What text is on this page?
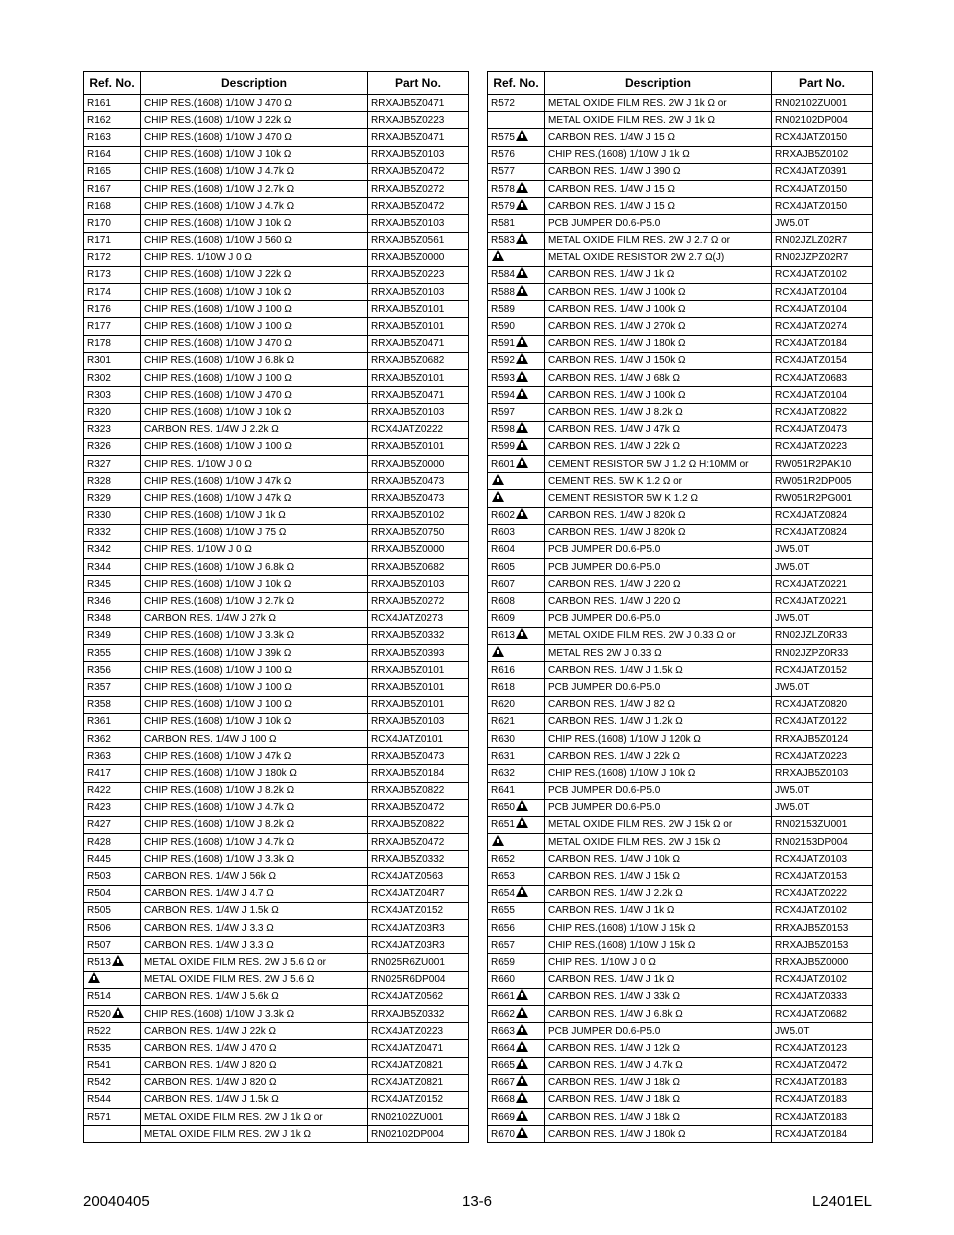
Ref. No.	Description	Part No.
R161	CHIP RES.(1608) 1/10W J 470 Ω	RRXAJB5Z0471
R162	CHIP RES.(1608) 1/10W J 22k Ω	RRXAJB5Z0223
R163	CHIP RES.(1608) 1/10W J 470 Ω	RRXAJB5Z0471
R164	CHIP RES.(1608) 1/10W J 10k Ω	RRXAJB5Z0103
R165	CHIP RES.(1608) 1/10W J 4.7k Ω	RRXAJB5Z0472
R167	CHIP RES.(1608) 1/10W J 2.7k Ω	RRXAJB5Z0272
R168	CHIP RES.(1608) 1/10W J 4.7k Ω	RRXAJB5Z0472
R170	CHIP RES.(1608) 1/10W J 10k Ω	RRXAJB5Z0103
R171	CHIP RES.(1608) 1/10W J 560 Ω	RRXAJB5Z0561
R172	CHIP RES. 1/10W J 0 Ω	RRXAJB5Z0000
R173	CHIP RES.(1608) 1/10W J 22k Ω	RRXAJB5Z0223
R174	CHIP RES.(1608) 1/10W J 10k Ω	RRXAJB5Z0103
R176	CHIP RES.(1608) 1/10W J 100 Ω	RRXAJB5Z0101
R177	CHIP RES.(1608) 1/10W J 100 Ω	RRXAJB5Z0101
R178	CHIP RES.(1608) 1/10W J 470 Ω	RRXAJB5Z0471
R301	CHIP RES.(1608) 1/10W J 6.8k Ω	RRXAJB5Z0682
R302	CHIP RES.(1608) 1/10W J 100 Ω	RRXAJB5Z0101
R303	CHIP RES.(1608) 1/10W J 470 Ω	RRXAJB5Z0471
R320	CHIP RES.(1608) 1/10W J 10k Ω	RRXAJB5Z0103
R323	CARBON RES. 1/4W J 2.2k Ω	RCX4JATZ0222
R326	CHIP RES.(1608) 1/10W J 100 Ω	RRXAJB5Z0101
R327	CHIP RES. 1/10W J 0 Ω	RRXAJB5Z0000
R328	CHIP RES.(1608) 1/10W J 47k Ω	RRXAJB5Z0473
R329	CHIP RES.(1608) 1/10W J 47k Ω	RRXAJB5Z0473
R330	CHIP RES.(1608) 1/10W J 1k Ω	RRXAJB5Z0102
R332	CHIP RES.(1608) 1/10W J 75 Ω	RRXAJB5Z0750
R342	CHIP RES. 1/10W J 0 Ω	RRXAJB5Z0000
R344	CHIP RES.(1608) 1/10W J 6.8k Ω	RRXAJB5Z0682
R345	CHIP RES.(1608) 1/10W J 10k Ω	RRXAJB5Z0103
R346	CHIP RES.(1608) 1/10W J 2.7k Ω	RRXAJB5Z0272
R348	CARBON RES. 1/4W J 27k Ω	RCX4JATZ0273
R349	CHIP RES.(1608) 1/10W J 3.3k Ω	RRXAJB5Z0332
R355	CHIP RES.(1608) 1/10W J 39k Ω	RRXAJB5Z0393
R356	CHIP RES.(1608) 1/10W J 100 Ω	RRXAJB5Z0101
R357	CHIP RES.(1608) 1/10W J 100 Ω	RRXAJB5Z0101
R358	CHIP RES.(1608) 1/10W J 100 Ω	RRXAJB5Z0101
R361	CHIP RES.(1608) 1/10W J 10k Ω	RRXAJB5Z0103
R362	CARBON RES. 1/4W J 100 Ω	RCX4JATZ0101
R363	CHIP RES.(1608) 1/10W J 47k Ω	RRXAJB5Z0473
R417	CHIP RES.(1608) 1/10W J 180k Ω	RRXAJB5Z0184
R422	CHIP RES.(1608) 1/10W J 8.2k Ω	RRXAJB5Z0822
R423	CHIP RES.(1608) 1/10W J 4.7k Ω	RRXAJB5Z0472
R427	CHIP RES.(1608) 1/10W J 8.2k Ω	RRXAJB5Z0822
R428	CHIP RES.(1608) 1/10W J 4.7k Ω	RRXAJB5Z0472
R445	CHIP RES.(1608) 1/10W J 3.3k Ω	RRXAJB5Z0332
R503	CARBON RES. 1/4W J 56k Ω	RCX4JATZ0563
R504	CARBON RES. 1/4W J 4.7 Ω	RCX4JATZ04R7
R505	CARBON RES. 1/4W J 1.5k Ω	RCX4JATZ0152
R506	CARBON RES. 1/4W J 3.3 Ω	RCX4JATZ03R3
R507	CARBON RES. 1/4W J 3.3 Ω	RCX4JATZ03R3
R513	METAL OXIDE FILM RES. 2W J 5.6 Ω or	RN025R6ZU001
	METAL OXIDE FILM RES. 2W J 5.6 Ω	RN025R6DP004
R514	CARBON RES. 1/4W J 5.6k Ω	RCX4JATZ0562
R520	CHIP RES.(1608) 1/10W J 3.3k Ω	RRXAJB5Z0332
R522	CARBON RES. 1/4W J 22k Ω	RCX4JATZ0223
R535	CARBON RES. 1/4W J 470 Ω	RCX4JATZ0471
R541	CARBON RES. 1/4W J 820 Ω	RCX4JATZ0821
R542	CARBON RES. 1/4W J 820 Ω	RCX4JATZ0821
R544	CARBON RES. 1/4W J 1.5k Ω	RCX4JATZ0152
R571	METAL OXIDE FILM RES. 2W J 1k Ω or	RN02102ZU001
	METAL OXIDE FILM RES. 2W J 1k Ω	RN02102DP004
Ref. No.	Description	Part No.
R572	METAL OXIDE FILM RES. 2W J 1k Ω or	RN02102ZU001
	METAL OXIDE FILM RES. 2W J 1k Ω	RN02102DP004
R575	CARBON RES. 1/4W J 15 Ω	RCX4JATZ0150
R576	CHIP RES.(1608) 1/10W J 1k Ω	RRXAJB5Z0102
R577	CARBON RES. 1/4W J 390 Ω	RCX4JATZ0391
R578	CARBON RES. 1/4W J 15 Ω	RCX4JATZ0150
R579	CARBON RES. 1/4W J 15 Ω	RCX4JATZ0150
R581	PCB JUMPER D0.6-P5.0	JW5.0T
R583	METAL OXIDE FILM RES. 2W J 2.7 Ω or	RN02JZLZ02R7
	METAL OXIDE RESISTOR 2W 2.7 Ω(J)	RN02JZPZ02R7
R584	CARBON RES. 1/4W J 1k Ω	RCX4JATZ0102
R588	CARBON RES. 1/4W J 100k Ω	RCX4JATZ0104
R589	CARBON RES. 1/4W J 100k Ω	RCX4JATZ0104
R590	CARBON RES. 1/4W J 270k Ω	RCX4JATZ0274
R591	CARBON RES. 1/4W J 180k Ω	RCX4JATZ0184
R592	CARBON RES. 1/4W J 150k Ω	RCX4JATZ0154
R593	CARBON RES. 1/4W J 68k Ω	RCX4JATZ0683
R594	CARBON RES. 1/4W J 100k Ω	RCX4JATZ0104
R597	CARBON RES. 1/4W J 8.2k Ω	RCX4JATZ0822
R598	CARBON RES. 1/4W J 47k Ω	RCX4JATZ0473
R599	CARBON RES. 1/4W J 22k Ω	RCX4JATZ0223
R601	CEMENT RESISTOR 5W J 1.2 Ω H:10MM or	RW051R2PAK10
	CEMENT RES. 5W K 1.2 Ω or	RW051R2DP005
	CEMENT RESISTOR 5W K 1.2 Ω	RW051R2PG001
R602	CARBON RES. 1/4W J 820k Ω	RCX4JATZ0824
R603	CARBON RES. 1/4W J 820k Ω	RCX4JATZ0824
R604	PCB JUMPER D0.6-P5.0	JW5.0T
R605	PCB JUMPER D0.6-P5.0	JW5.0T
R607	CARBON RES. 1/4W J 220 Ω	RCX4JATZ0221
R608	CARBON RES. 1/4W J 220 Ω	RCX4JATZ0221
R609	PCB JUMPER D0.6-P5.0	JW5.0T
R613	METAL OXIDE FILM RES. 2W J 0.33 Ω or	RN02JZLZ0R33
	METAL RES 2W J 0.33 Ω	RN02JZPZ0R33
R616	CARBON RES. 1/4W J 1.5k Ω	RCX4JATZ0152
R618	PCB JUMPER D0.6-P5.0	JW5.0T
R620	CARBON RES. 1/4W J 82 Ω	RCX4JATZ0820
R621	CARBON RES. 1/4W J 1.2k Ω	RCX4JATZ0122
R630	CHIP RES.(1608) 1/10W J 120k Ω	RRXAJB5Z0124
R631	CARBON RES. 1/4W J 22k Ω	RCX4JATZ0223
R632	CHIP RES.(1608) 1/10W J 10k Ω	RRXAJB5Z0103
R641	PCB JUMPER D0.6-P5.0	JW5.0T
R650	PCB JUMPER D0.6-P5.0	JW5.0T
R651	METAL OXIDE FILM RES. 2W J 15k Ω or	RN02153ZU001
	METAL OXIDE FILM RES. 2W J 15k Ω	RN02153DP004
R652	CARBON RES. 1/4W J 10k Ω	RCX4JATZ0103
R653	CARBON RES. 1/4W J 15k Ω	RCX4JATZ0153
R654	CARBON RES. 1/4W J 2.2k Ω	RCX4JATZ0222
R655	CARBON RES. 1/4W J 1k Ω	RCX4JATZ0102
R656	CHIP RES.(1608) 1/10W J 15k Ω	RRXAJB5Z0153
R657	CHIP RES.(1608) 1/10W J 15k Ω	RRXAJB5Z0153
R659	CHIP RES. 1/10W J 0 Ω	RRXAJB5Z0000
R660	CARBON RES. 1/4W J 1k Ω	RCX4JATZ0102
R661	CARBON RES. 1/4W J 33k Ω	RCX4JATZ0333
R662	CARBON RES. 1/4W J 6.8k Ω	RCX4JATZ0682
R663	PCB JUMPER D0.6-P5.0	JW5.0T
R664	CARBON RES. 1/4W J 12k Ω	RCX4JATZ0123
R665	CARBON RES. 1/4W J 4.7k Ω	RCX4JATZ0472
R667	CARBON RES. 1/4W J 18k Ω	RCX4JATZ0183
R668	CARBON RES. 1/4W J 18k Ω	RCX4JATZ0183
R669	CARBON RES. 1/4W J 18k Ω	RCX4JATZ0183
R670	CARBON RES. 1/4W J 180k Ω	RCX4JATZ0184
20040405	13-6	L2401EL
